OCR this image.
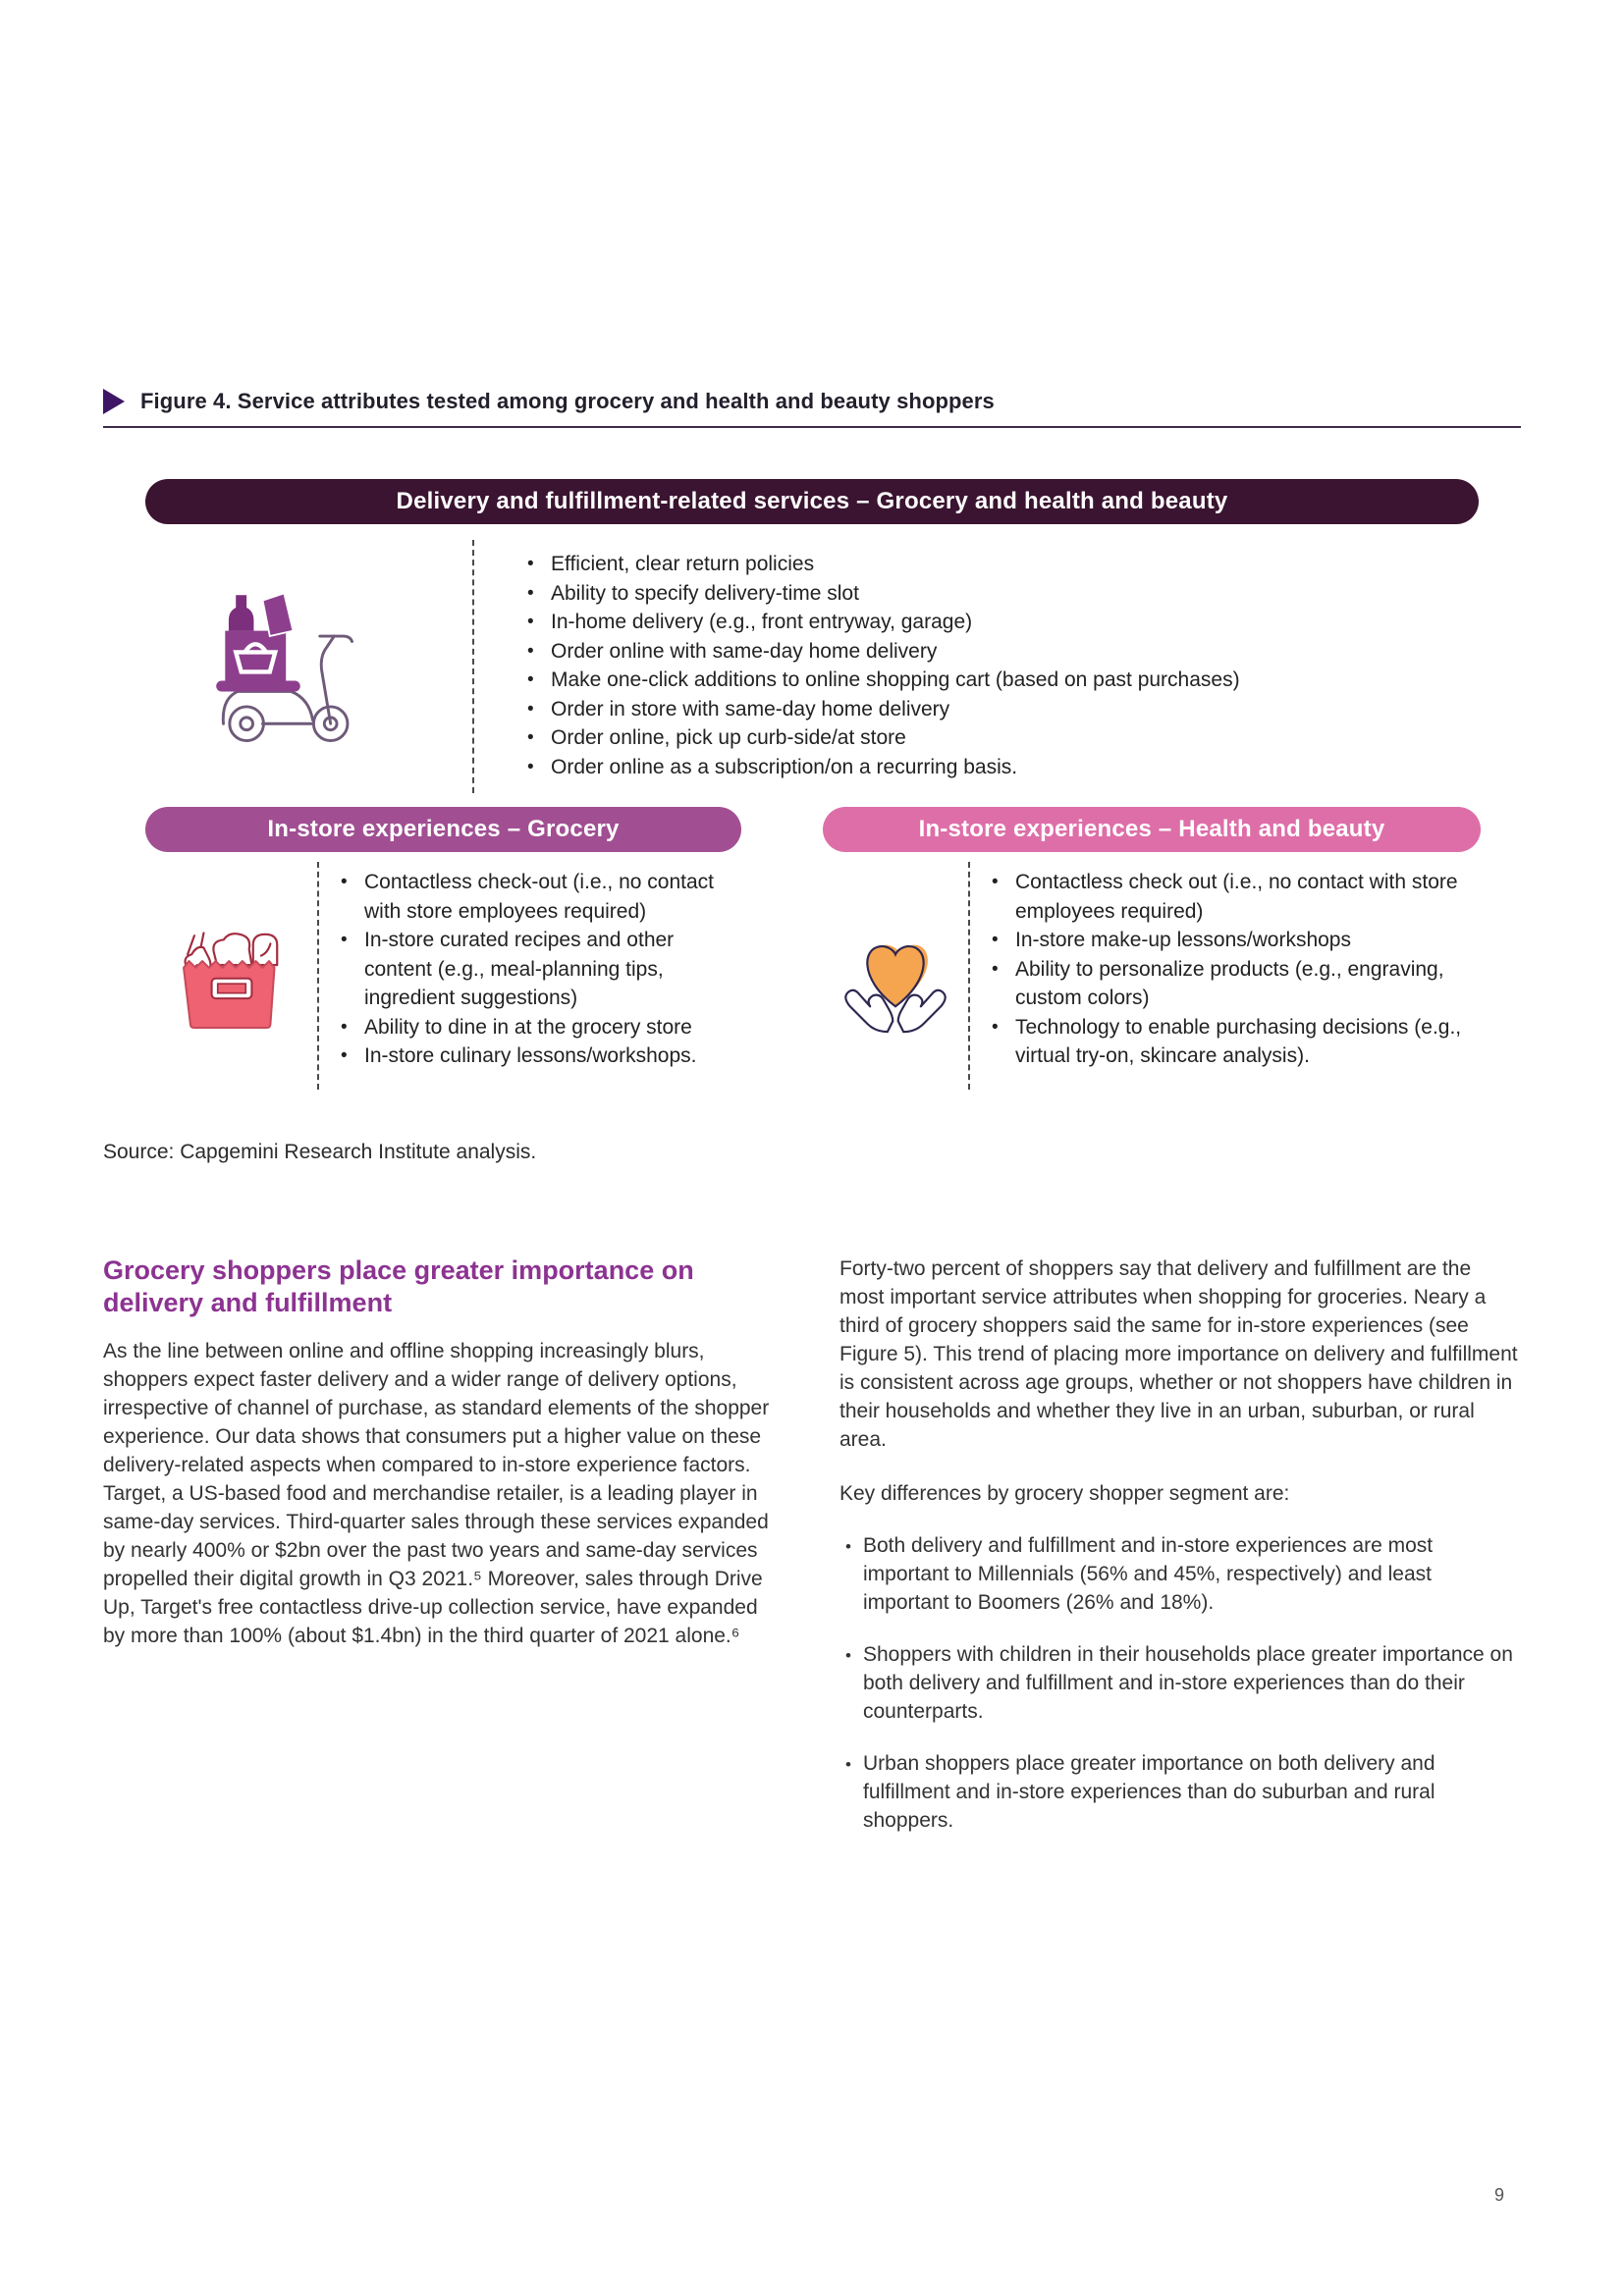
Figure 4. Service attributes tested among grocery and health and beauty shoppers
Delivery and fulfillment-related services – Grocery and health and beauty
• Efficient, clear return policies
• Ability to specify delivery-time slot
• In-home delivery (e.g., front entryway, garage)
• Order online with same-day home delivery
• Make one-click additions to online shopping cart (based on past purchases)
• Order in store with same-day home delivery
• Order online, pick up curb-side/at store
• Order online as a subscription/on a recurring basis.
In-store experiences – Grocery
• Contactless check-out (i.e., no contact with store employees required)
• In-store curated recipes and other content (e.g., meal-planning tips, ingredient suggestions)
• Ability to dine in at the grocery store
• In-store culinary lessons/workshops.
In-store experiences – Health and beauty
• Contactless check out (i.e., no contact with store employees required)
• In-store make-up lessons/workshops
• Ability to personalize products (e.g., engraving, custom colors)
• Technology to enable purchasing decisions (e.g., virtual try-on, skincare analysis).
Source: Capgemini Research Institute analysis.
Grocery shoppers place greater importance on delivery and fulfillment

As the line between online and offline shopping increasingly blurs, shoppers expect faster delivery and a wider range of delivery options, irrespective of channel of purchase, as standard elements of the shopper experience. Our data shows that consumers put a higher value on these delivery-related aspects when compared to in-store experience factors. Target, a US-based food and merchandise retailer, is a leading player in same-day services. Third-quarter sales through these services expanded by nearly 400% or $2bn over the past two years and same-day services propelled their digital growth in Q3 2021.⁵ Moreover, sales through Drive Up, Target's free contactless drive-up collection service, have expanded by more than 100% (about $1.4bn) in the third quarter of 2021 alone.⁶

Forty-two percent of shoppers say that delivery and fulfillment are the most important service attributes when shopping for groceries. Neary a third of grocery shoppers said the same for in-store experiences (see Figure 5). This trend of placing more importance on delivery and fulfillment is consistent across age groups, whether or not shoppers have children in their households and whether they live in an urban, suburban, or rural area.

Key differences by grocery shopper segment are:

• Both delivery and fulfillment and in-store experiences are most important to Millennials (56% and 45%, respectively) and least important to Boomers (26% and 18%).
• Shoppers with children in their households place greater importance on both delivery and fulfillment and in-store experiences than do their counterparts.
• Urban shoppers place greater importance on both delivery and fulfillment and in-store experiences than do suburban and rural shoppers.
9
